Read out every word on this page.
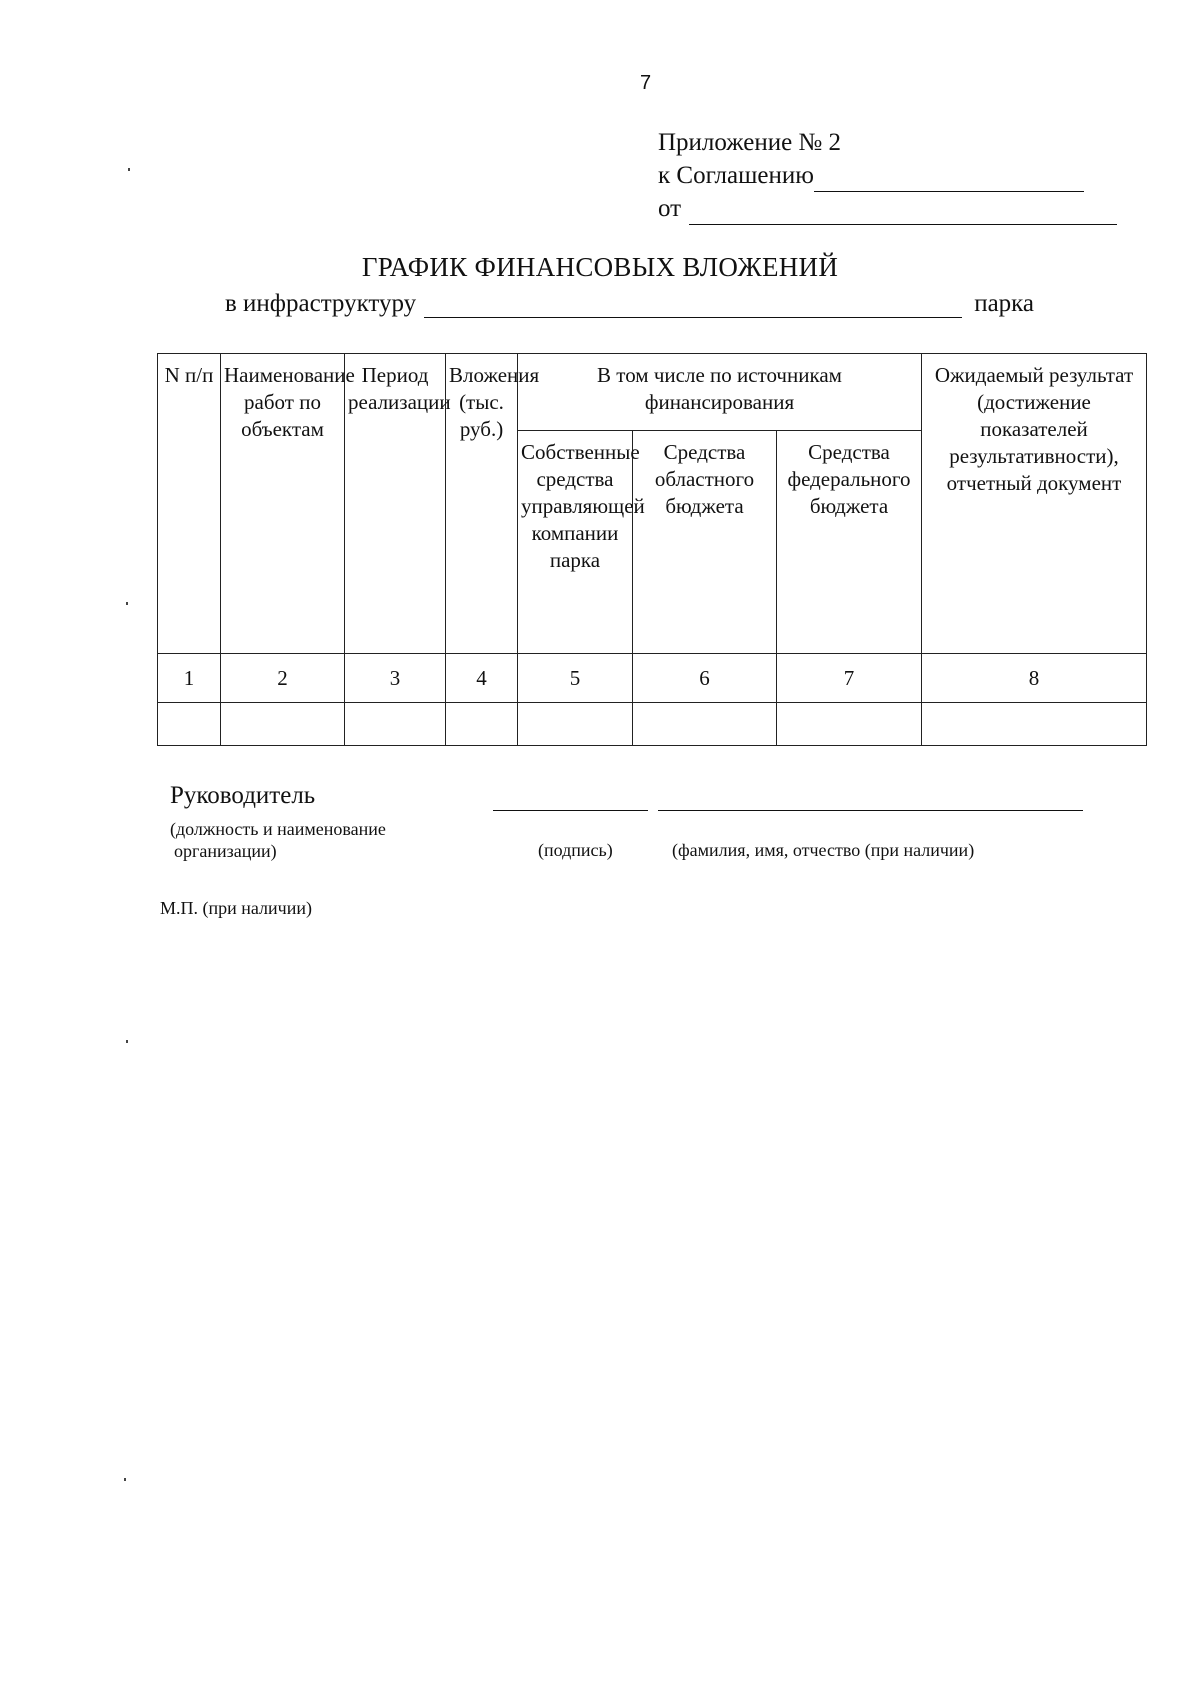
7
Приложение № 2
к Соглашению
от
ГРАФИК ФИНАНСОВЫХ ВЛОЖЕНИЙ
в инфраструктуру	парка
N п/п	Наименование работ по объектам	Период реализации	Вложения (тыс. руб.)	В том числе по источникам финансирования			Ожидаемый результат (достижение показателей результативности), отчетный документ
				Собственные средства управляющей компании парка	Средства областного бюджета	Средства федерального бюджета	
1	2	3	4	5	6	7	8

Руководитель
(должность и наименование
организации)	(подпись)	(фамилия, имя, отчество (при наличии)
М.П. (при наличии)
